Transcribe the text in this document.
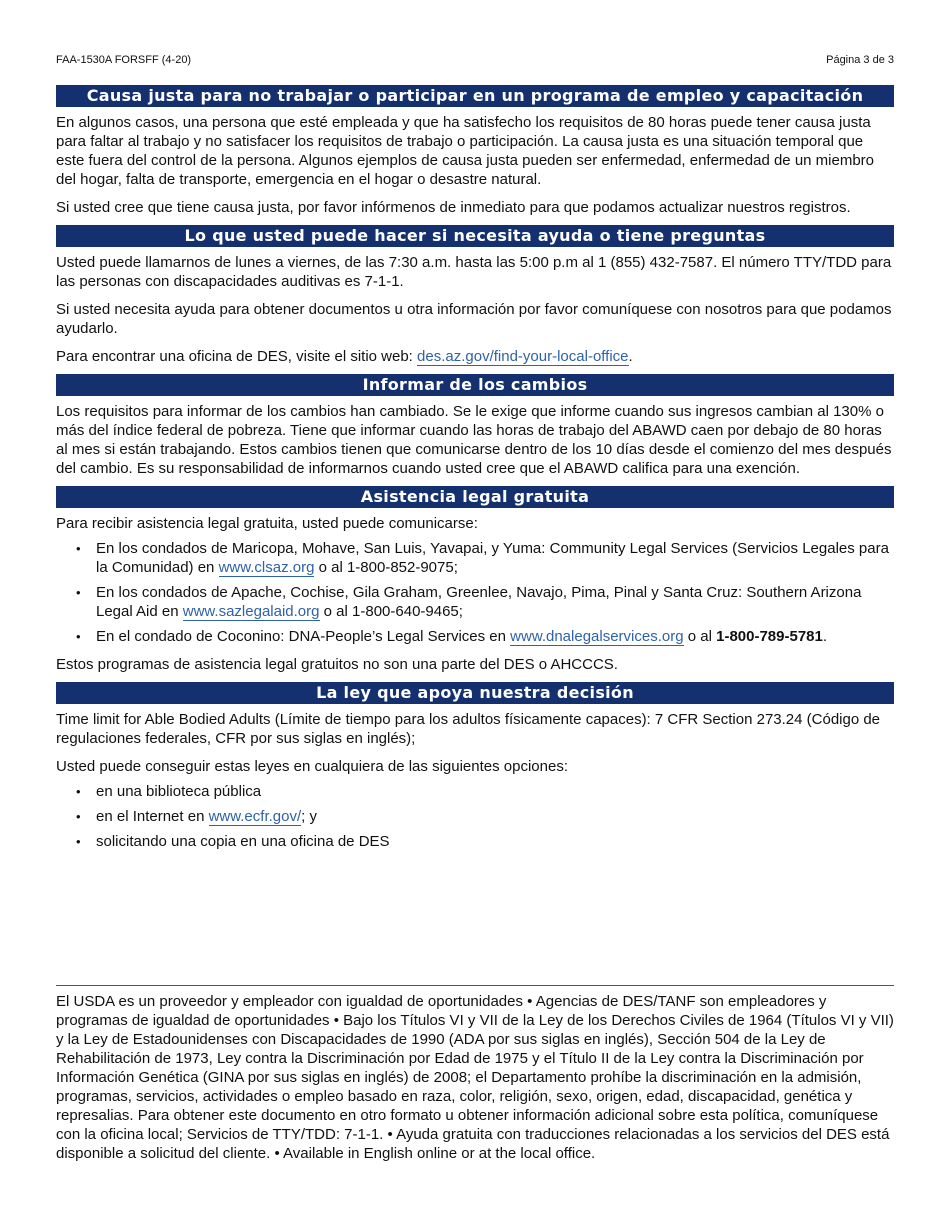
FAA-1530A FORSFF (4-20)	Página 3 de 3
Causa justa para no trabajar o participar en un programa de empleo y capacitación

En algunos casos, una persona que esté empleada y que ha satisfecho los requisitos de 80 horas puede tener causa justa para faltar al trabajo y no satisfacer los requisitos de trabajo o participación. La causa justa es una situación temporal que este fuera del control de la persona. Algunos ejemplos de causa justa pueden ser enfermedad, enfermedad de un miembro del hogar, falta de transporte, emergencia en el hogar o desastre natural.

Si usted cree que tiene causa justa, por favor infórmenos de inmediato para que podamos actualizar nuestros registros.

Lo que usted puede hacer si necesita ayuda o tiene preguntas

Usted puede llamarnos de lunes a viernes, de las 7:30 a.m. hasta las 5:00 p.m al 1 (855) 432-7587. El número TTY/TDD para las personas con discapacidades auditivas es 7-1-1.

Si usted necesita ayuda para obtener documentos u otra información por favor comuníquese con nosotros para que podamos ayudarlo.

Para encontrar una oficina de DES, visite el sitio web: des.az.gov/find-your-local-office.

Informar de los cambios

Los requisitos para informar de los cambios han cambiado. Se le exige que informe cuando sus ingresos cambian al 130% o más del índice federal de pobreza. Tiene que informar cuando las horas de trabajo del ABAWD caen por debajo de 80 horas al mes si están trabajando. Estos cambios tienen que comunicarse dentro de los 10 días desde el comienzo del mes después del cambio. Es su responsabilidad de informarnos cuando usted cree que el ABAWD califica para una exención.

Asistencia legal gratuita

Para recibir asistencia legal gratuita, usted puede comunicarse:

• En los condados de Maricopa, Mohave, San Luis, Yavapai, y Yuma: Community Legal Services (Servicios Legales para la Comunidad) en www.clsaz.org o al 1-800-852-9075;
• En los condados de Apache, Cochise, Gila Graham, Greenlee, Navajo, Pima, Pinal y Santa Cruz: Southern Arizona Legal Aid en www.sazlegalaid.org o al 1-800-640-9465;
• En el condado de Coconino: DNA-People’s Legal Services en www.dnalegalservices.org o al 1-800-789-5781.

Estos programas de asistencia legal gratuitos no son una parte del DES o AHCCCS.

La ley que apoya nuestra decisión

Time limit for Able Bodied Adults (Límite de tiempo para los adultos físicamente capaces): 7 CFR Section 273.24 (Código de regulaciones federales, CFR por sus siglas en inglés);

Usted puede conseguir estas leyes en cualquiera de las siguientes opciones:

• en una biblioteca pública
• en el Internet en www.ecfr.gov/; y
• solicitando una copia en una oficina de DES

El USDA es un proveedor y empleador con igualdad de oportunidades • Agencias de DES/TANF son empleadores y programas de igualdad de oportunidades • Bajo los Títulos VI y VII de la Ley de los Derechos Civiles de 1964 (Títulos VI y VII) y la Ley de Estadounidenses con Discapacidades de 1990 (ADA por sus siglas en inglés), Sección 504 de la Ley de Rehabilitación de 1973, Ley contra la Discriminación por Edad de 1975 y el Título II de la Ley contra la Discriminación por Información Genética (GINA por sus siglas en inglés) de 2008; el Departamento prohíbe la discriminación en la admisión, programas, servicios, actividades o empleo basado en raza, color, religión, sexo, origen, edad, discapacidad, genética y represalias. Para obtener este documento en otro formato u obtener información adicional sobre esta política, comuníquese con la oficina local; Servicios de TTY/TDD: 7-1-1. • Ayuda gratuita con traducciones relacionadas a los servicios del DES está disponible a solicitud del cliente. • Available in English online or at the local office.
